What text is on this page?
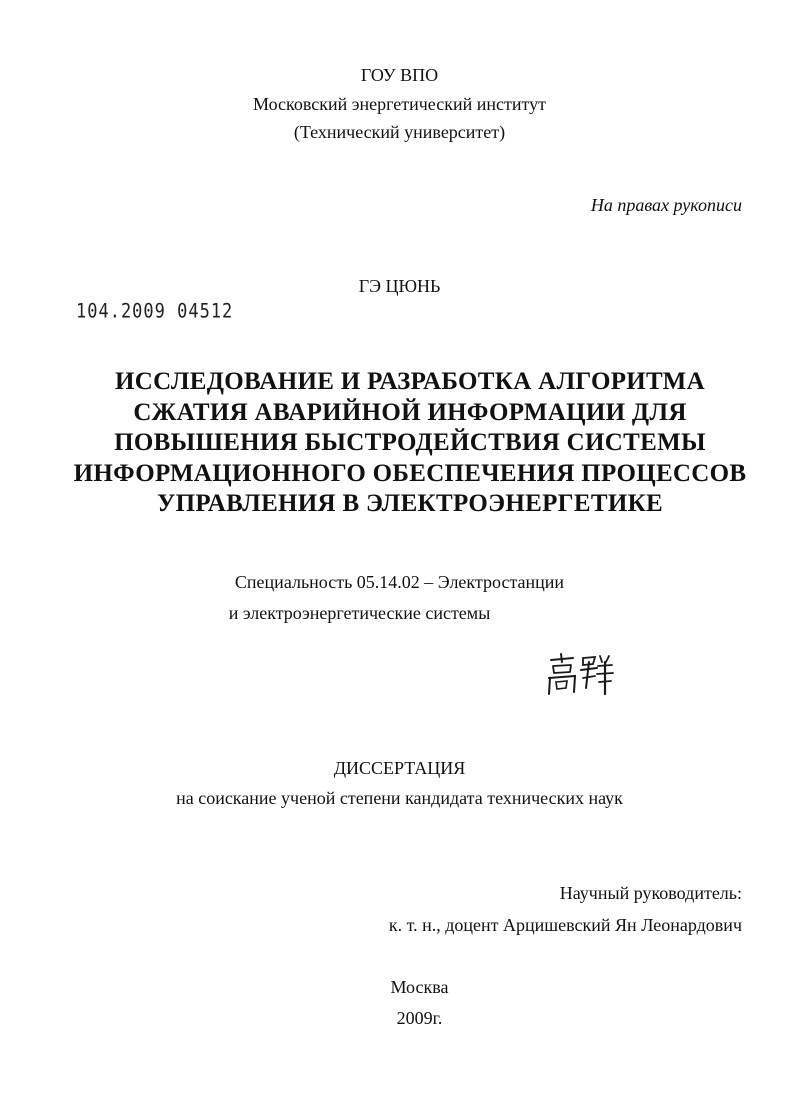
ГОУ ВПО
Московский энергетический институт
(Технический университет)
На правах рукописи
ГЭ ЦЮНЬ
104.2009 04512
ИССЛЕДОВАНИЕ И РАЗРАБОТКА АЛГОРИТМА
СЖАТИЯ АВАРИЙНОЙ ИНФОРМАЦИИ ДЛЯ
ПОВЫШЕНИЯ БЫСТРОДЕЙСТВИЯ СИСТЕМЫ
ИНФОРМАЦИОННОГО ОБЕСПЕЧЕНИЯ ПРОЦЕССОВ
УПРАВЛЕНИЯ В ЭЛЕКТРОЭНЕРГЕТИКЕ
Специальность 05.14.02 – Электростанции
и электроэнергетические системы
ДИССЕРТАЦИЯ
на соискание ученой степени кандидата технических наук
Научный руководитель:
к. т. н., доцент Арцишевский Ян Леонардович
Москва
2009г.
